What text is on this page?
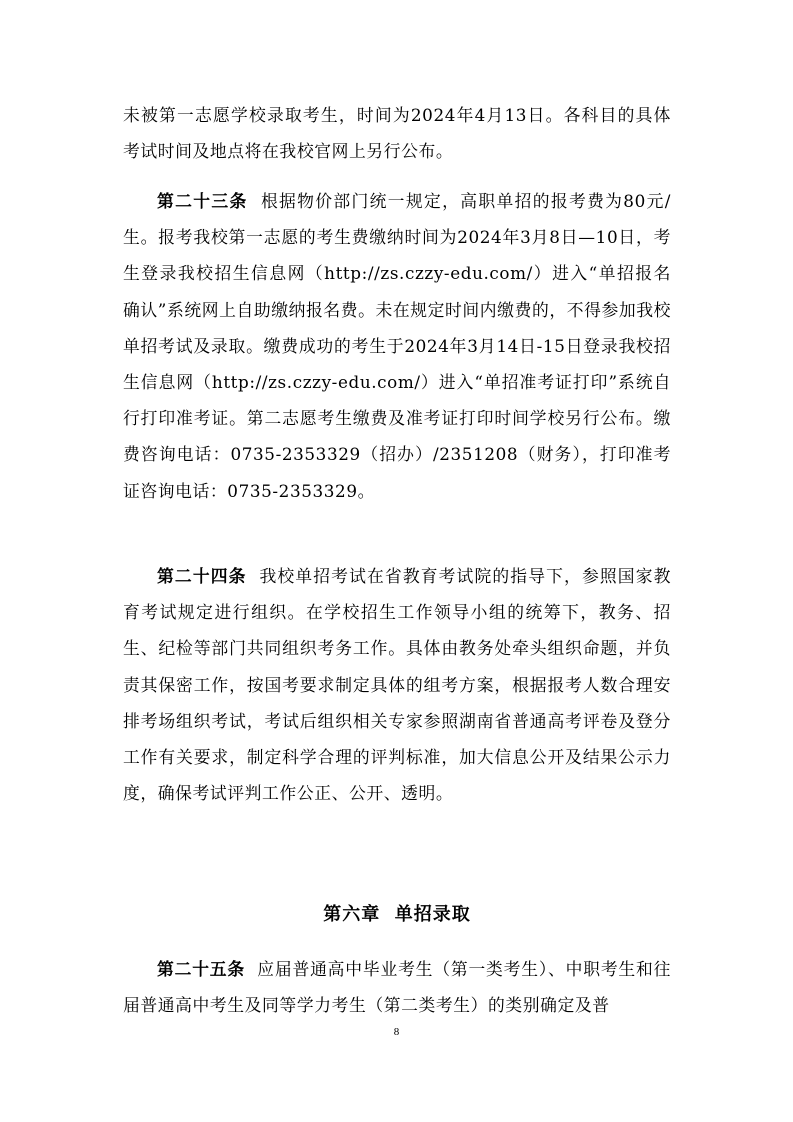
未被第一志愿学校录取考生，时间为2024年4月13日。各科目的具体考试时间及地点将在我校官网上另行公布。

第二十三条 根据物价部门统一规定，高职单招的报考费为80元/生。报考我校第一志愿的考生费缴纳时间为2024年3月8日—10日，考生登录我校招生信息网（http://zs.czzy-edu.com/）进入“单招报名确认”系统网上自助缴纳报名费。未在规定时间内缴费的，不得参加我校单招考试及录取。缴费成功的考生于2024年3月14日-15日登录我校招生信息网（http://zs.czzy-edu.com/）进入“单招准考证打印”系统自行打印准考证。第二志愿考生缴费及准考证打印时间学校另行公布。缴费咨询电话：0735-2353329（招办）/2351208（财务），打印准考证咨询电话：0735-2353329。

第二十四条 我校单招考试在省教育考试院的指导下，参照国家教育考试规定进行组织。在学校招生工作领导小组的统筹下，教务、招生、纪检等部门共同组织考务工作。具体由教务处牵头组织命题，并负责其保密工作，按国考要求制定具体的组考方案，根据报考人数合理安排考场组织考试，考试后组织相关专家参照湖南省普通高考评卷及登分工作有关要求，制定科学合理的评判标准，加大信息公开及结果公示力度，确保考试评判工作公正、公开、透明。

第六章 单招录取

第二十五条 应届普通高中毕业考生（第一类考生）、中职考生和往届普通高中考生及同等学力考生（第二类考生）的类别确定及普

8
